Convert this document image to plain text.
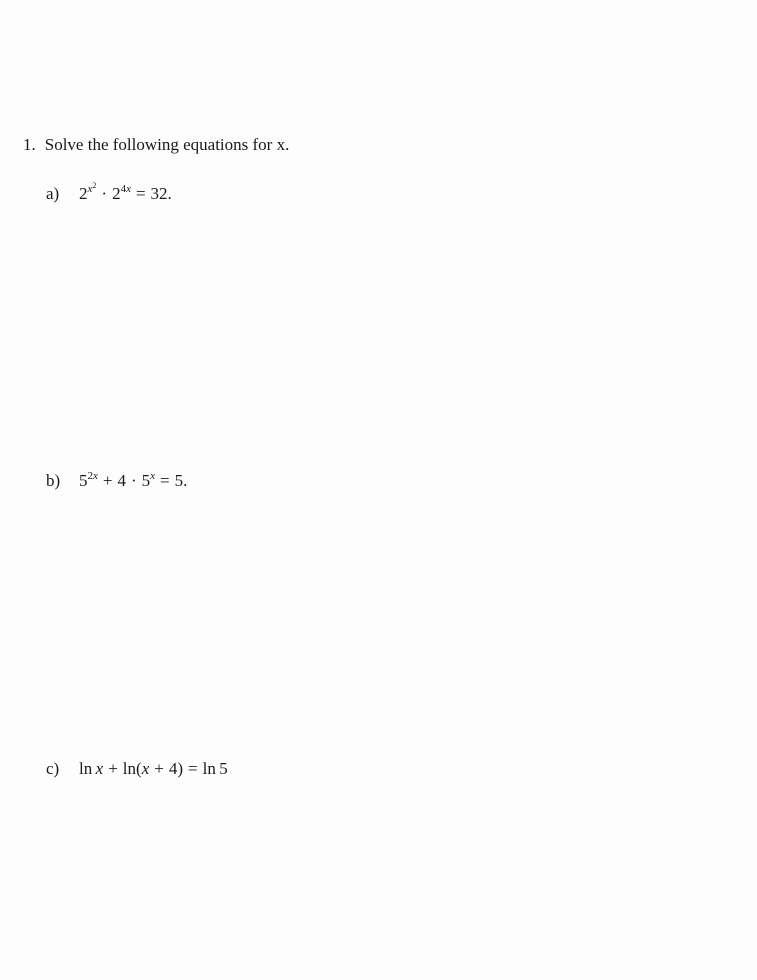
1. Solve the following equations for x.
a) $2^{x^2} \cdot 2^{4x} = 32$.
b) $5^{2x} + 4 \cdot 5^x = 5$.
c) ln  x + ln(x + 4) = ln  5
